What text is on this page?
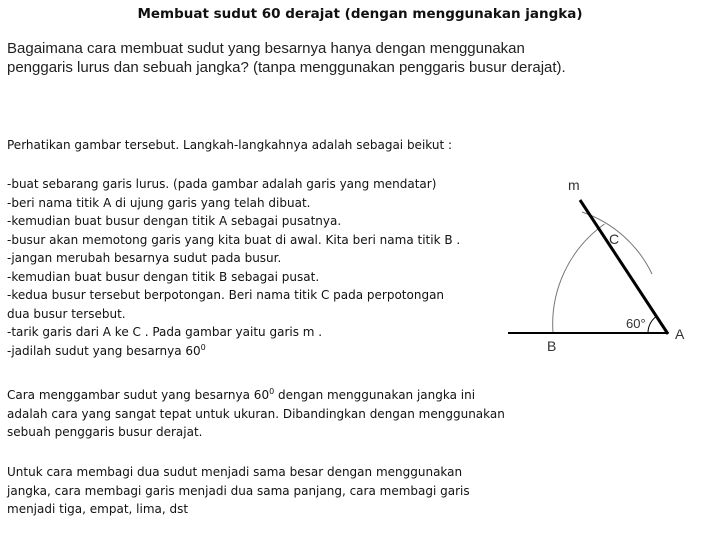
Membuat sudut 60 derajat (dengan menggunakan jangka)
Bagaimana cara membuat sudut yang besarnya hanya dengan menggunakan penggaris lurus dan sebuah jangka? (tanpa menggunakan penggaris busur derajat).
Perhatikan gambar tersebut. Langkah-langkahnya adalah sebagai beikut :
-buat sebarang garis lurus. (pada gambar adalah garis yang mendatar)
-beri nama titik A di ujung garis yang telah dibuat.
-kemudian buat busur dengan titik A sebagai pusatnya.
-busur akan memotong garis yang kita buat di awal. Kita beri nama titik B .
-jangan merubah besarnya sudut pada busur.
-kemudian buat busur dengan titik B sebagai pusat.
-kedua busur tersebut berpotongan. Beri nama titik C pada perpotongan
dua busur tersebut.
-tarik garis dari A ke C . Pada gambar yaitu garis m .
-jadilah sudut yang besarnya $60^0$
Cara menggambar sudut yang besarnya $60^0$ dengan menggunakan jangka ini adalah cara yang sangat tepat untuk ukuran. Dibandingkan dengan menggunakan sebuah penggaris busur derajat.
Untuk cara membagi dua sudut menjadi sama besar dengan menggunakan jangka, cara membagi garis menjadi dua sama panjang, cara membagi garis menjadi tiga, empat, lima, dst
m
C
60°
A
B
